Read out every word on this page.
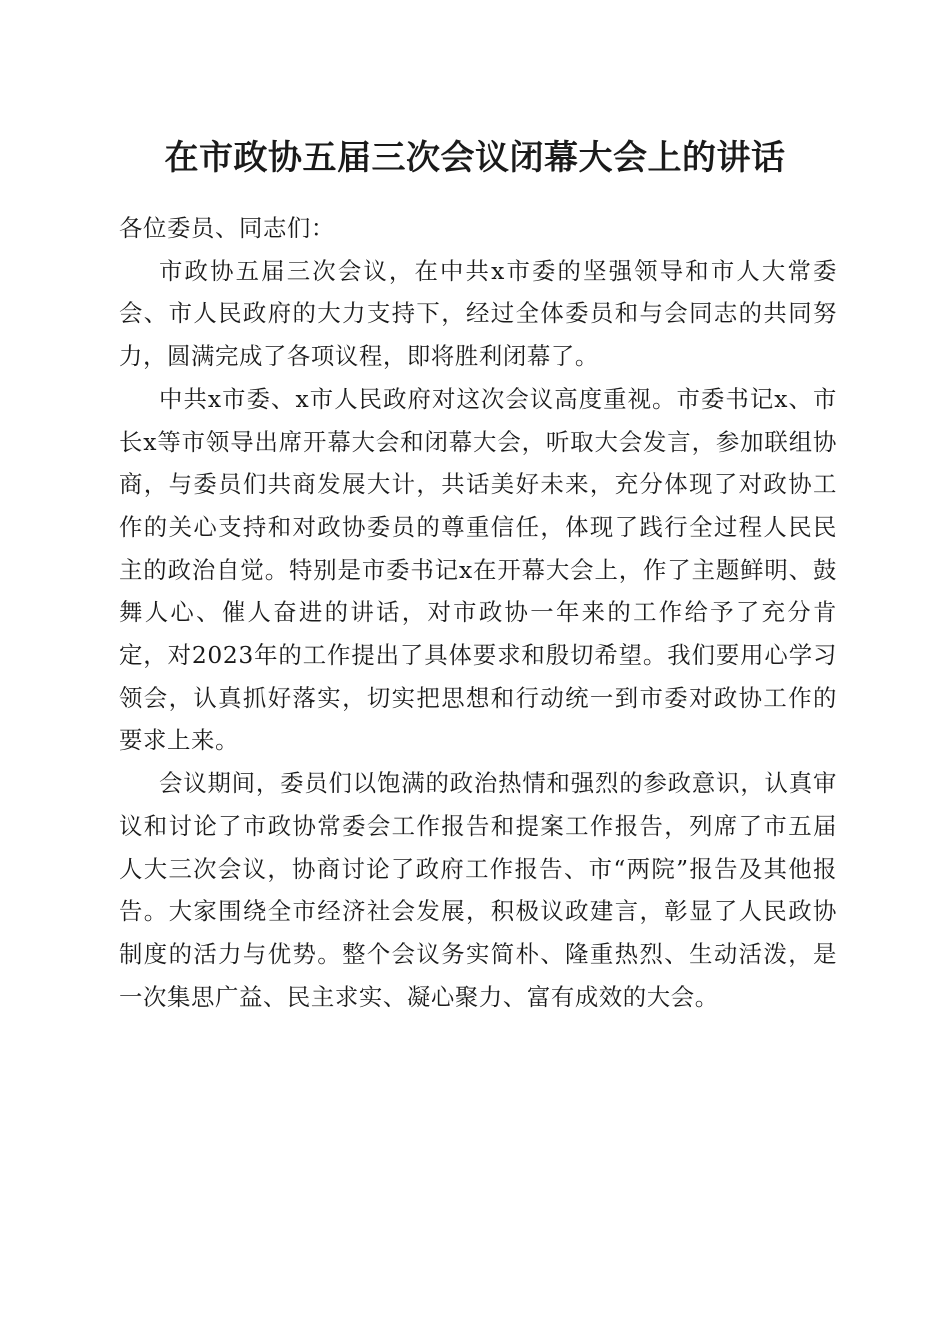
在市政协五届三次会议闭幕大会上的讲话

各位委员、同志们：

市政协五届三次会议，在中共x市委的坚强领导和市人大常委会、市人民政府的大力支持下，经过全体委员和与会同志的共同努力，圆满完成了各项议程，即将胜利闭幕了。

中共x市委、x市人民政府对这次会议高度重视。市委书记x、市长x等市领导出席开幕大会和闭幕大会，听取大会发言，参加联组协商，与委员们共商发展大计，共话美好未来，充分体现了对政协工作的关心支持和对政协委员的尊重信任，体现了践行全过程人民民主的政治自觉。特别是市委书记x在开幕大会上，作了主题鲜明、鼓舞人心、催人奋进的讲话，对市政协一年来的工作给予了充分肯定，对2023年的工作提出了具体要求和殷切希望。我们要用心学习领会，认真抓好落实，切实把思想和行动统一到市委对政协工作的要求上来。

会议期间，委员们以饱满的政治热情和强烈的参政意识，认真审议和讨论了市政协常委会工作报告和提案工作报告，列席了市五届人大三次会议，协商讨论了政府工作报告、市“两院”报告及其他报告。大家围绕全市经济社会发展，积极议政建言，彰显了人民政协制度的活力与优势。整个会议务实简朴、隆重热烈、生动活泼，是一次集思广益、民主求实、凝心聚力、富有成效的大会。
